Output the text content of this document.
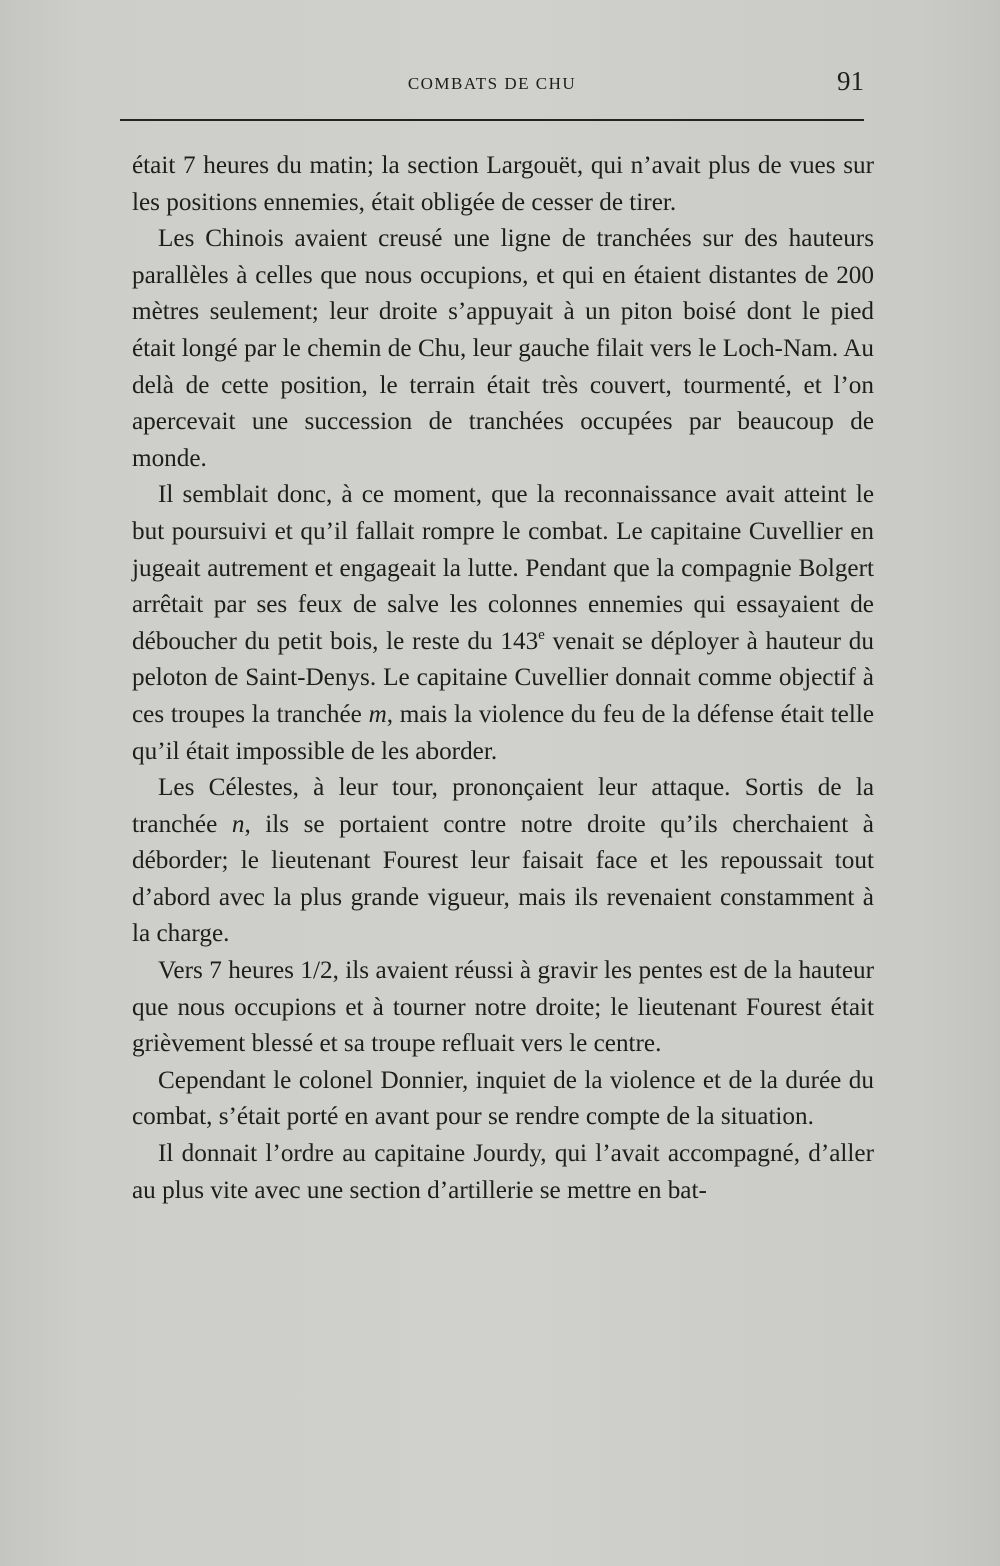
COMBATS DE CHU	91

était 7 heures du matin; la section Largouët, qui n’avait plus de vues sur les positions ennemies, était obligée de cesser de tirer.

Les Chinois avaient creusé une ligne de tranchées sur des hauteurs parallèles à celles que nous occupions, et qui en étaient distantes de 200 mètres seulement; leur droite s’appuyait à un piton boisé dont le pied était longé par le chemin de Chu, leur gauche filait vers le Loch-Nam. Au delà de cette position, le terrain était très couvert, tourmenté, et l’on apercevait une succession de tranchées occupées par beaucoup de monde.

Il semblait donc, à ce moment, que la reconnaissance avait atteint le but poursuivi et qu’il fallait rompre le combat. Le capitaine Cuvellier en jugeait autrement et engageait la lutte. Pendant que la compagnie Bolgert arrêtait par ses feux de salve les colonnes ennemies qui essayaient de déboucher du petit bois, le reste du 143e venait se déployer à hauteur du peloton de Saint-Denys. Le capitaine Cuvellier donnait comme objectif à ces troupes la tranchée m, mais la violence du feu de la défense était telle qu’il était impossible de les aborder.

Les Célestes, à leur tour, prononçaient leur attaque. Sortis de la tranchée n, ils se portaient contre notre droite qu’ils cherchaient à déborder; le lieutenant Fourest leur faisait face et les repoussait tout d’abord avec la plus grande vigueur, mais ils revenaient constamment à la charge.

Vers 7 heures 1/2, ils avaient réussi à gravir les pentes est de la hauteur que nous occupions et à tourner notre droite; le lieutenant Fourest était grièvement blessé et sa troupe refluait vers le centre.

Cependant le colonel Donnier, inquiet de la violence et de la durée du combat, s’était porté en avant pour se rendre compte de la situation.

Il donnait l’ordre au capitaine Jourdy, qui l’avait accompagné, d’aller au plus vite avec une section d’artillerie se mettre en bat-
